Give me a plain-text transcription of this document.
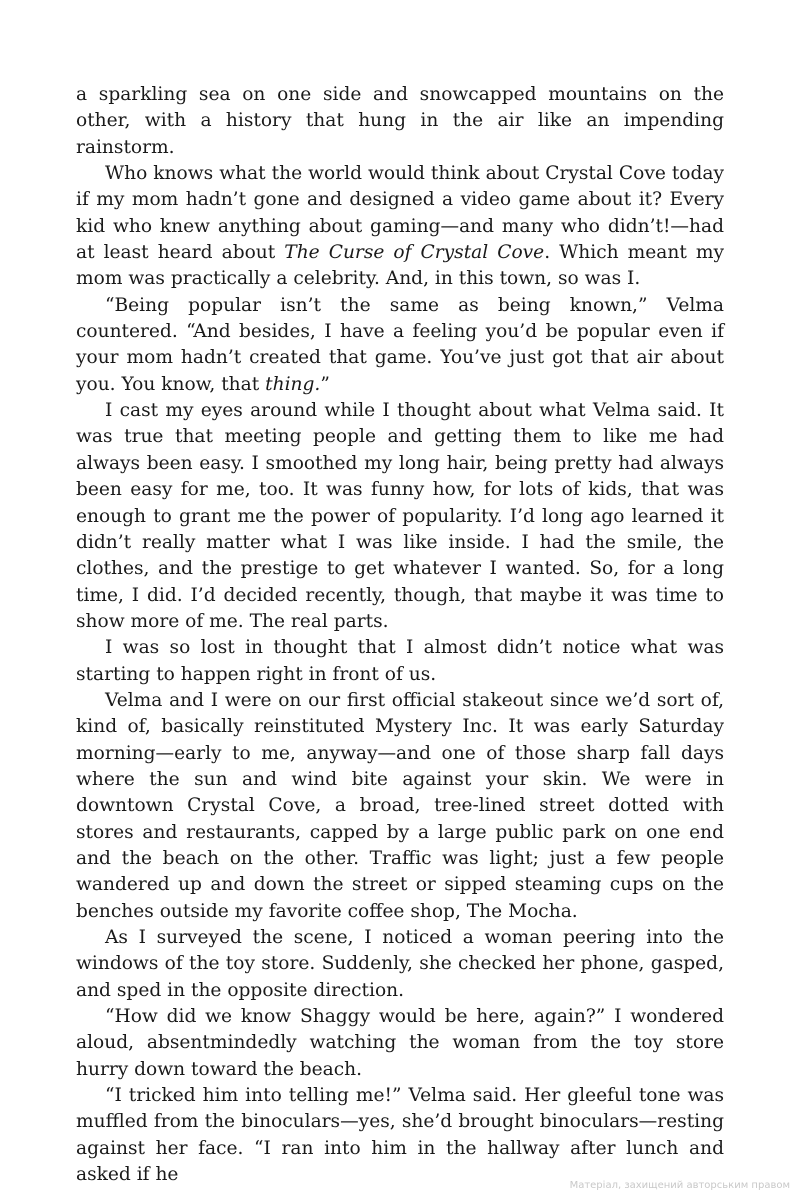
a sparkling sea on one side and snowcapped mountains on the other, with a history that hung in the air like an impending rainstorm.

Who knows what the world would think about Crystal Cove today if my mom hadn’t gone and designed a video game about it? Every kid who knew anything about gaming—and many who didn’t!—had at least heard about The Curse of Crystal Cove. Which meant my mom was practically a celebrity. And, in this town, so was I.

“Being popular isn’t the same as being known,” Velma countered. “And besides, I have a feeling you’d be popular even if your mom hadn’t created that game. You’ve just got that air about you. You know, that thing.”

I cast my eyes around while I thought about what Velma said. It was true that meeting people and getting them to like me had always been easy. I smoothed my long hair, being pretty had always been easy for me, too. It was funny how, for lots of kids, that was enough to grant me the power of popularity. I’d long ago learned it didn’t really matter what I was like inside. I had the smile, the clothes, and the prestige to get whatever I wanted. So, for a long time, I did. I’d decided recently, though, that maybe it was time to show more of me. The real parts.

I was so lost in thought that I almost didn’t notice what was starting to happen right in front of us.

Velma and I were on our first official stakeout since we’d sort of, kind of, basically reinstituted Mystery Inc. It was early Saturday morning—early to me, anyway—and one of those sharp fall days where the sun and wind bite against your skin. We were in downtown Crystal Cove, a broad, tree-lined street dotted with stores and restaurants, capped by a large public park on one end and the beach on the other. Traffic was light; just a few people wandered up and down the street or sipped steaming cups on the benches outside my favorite coffee shop, The Mocha.

As I surveyed the scene, I noticed a woman peering into the windows of the toy store. Suddenly, she checked her phone, gasped, and sped in the opposite direction.

“How did we know Shaggy would be here, again?” I wondered aloud, absentmindedly watching the woman from the toy store hurry down toward the beach.

“I tricked him into telling me!” Velma said. Her gleeful tone was muffled from the binoculars—yes, she’d brought binoculars—resting against her face. “I ran into him in the hallway after lunch and asked if he

Матеріал, захищений авторським правом
